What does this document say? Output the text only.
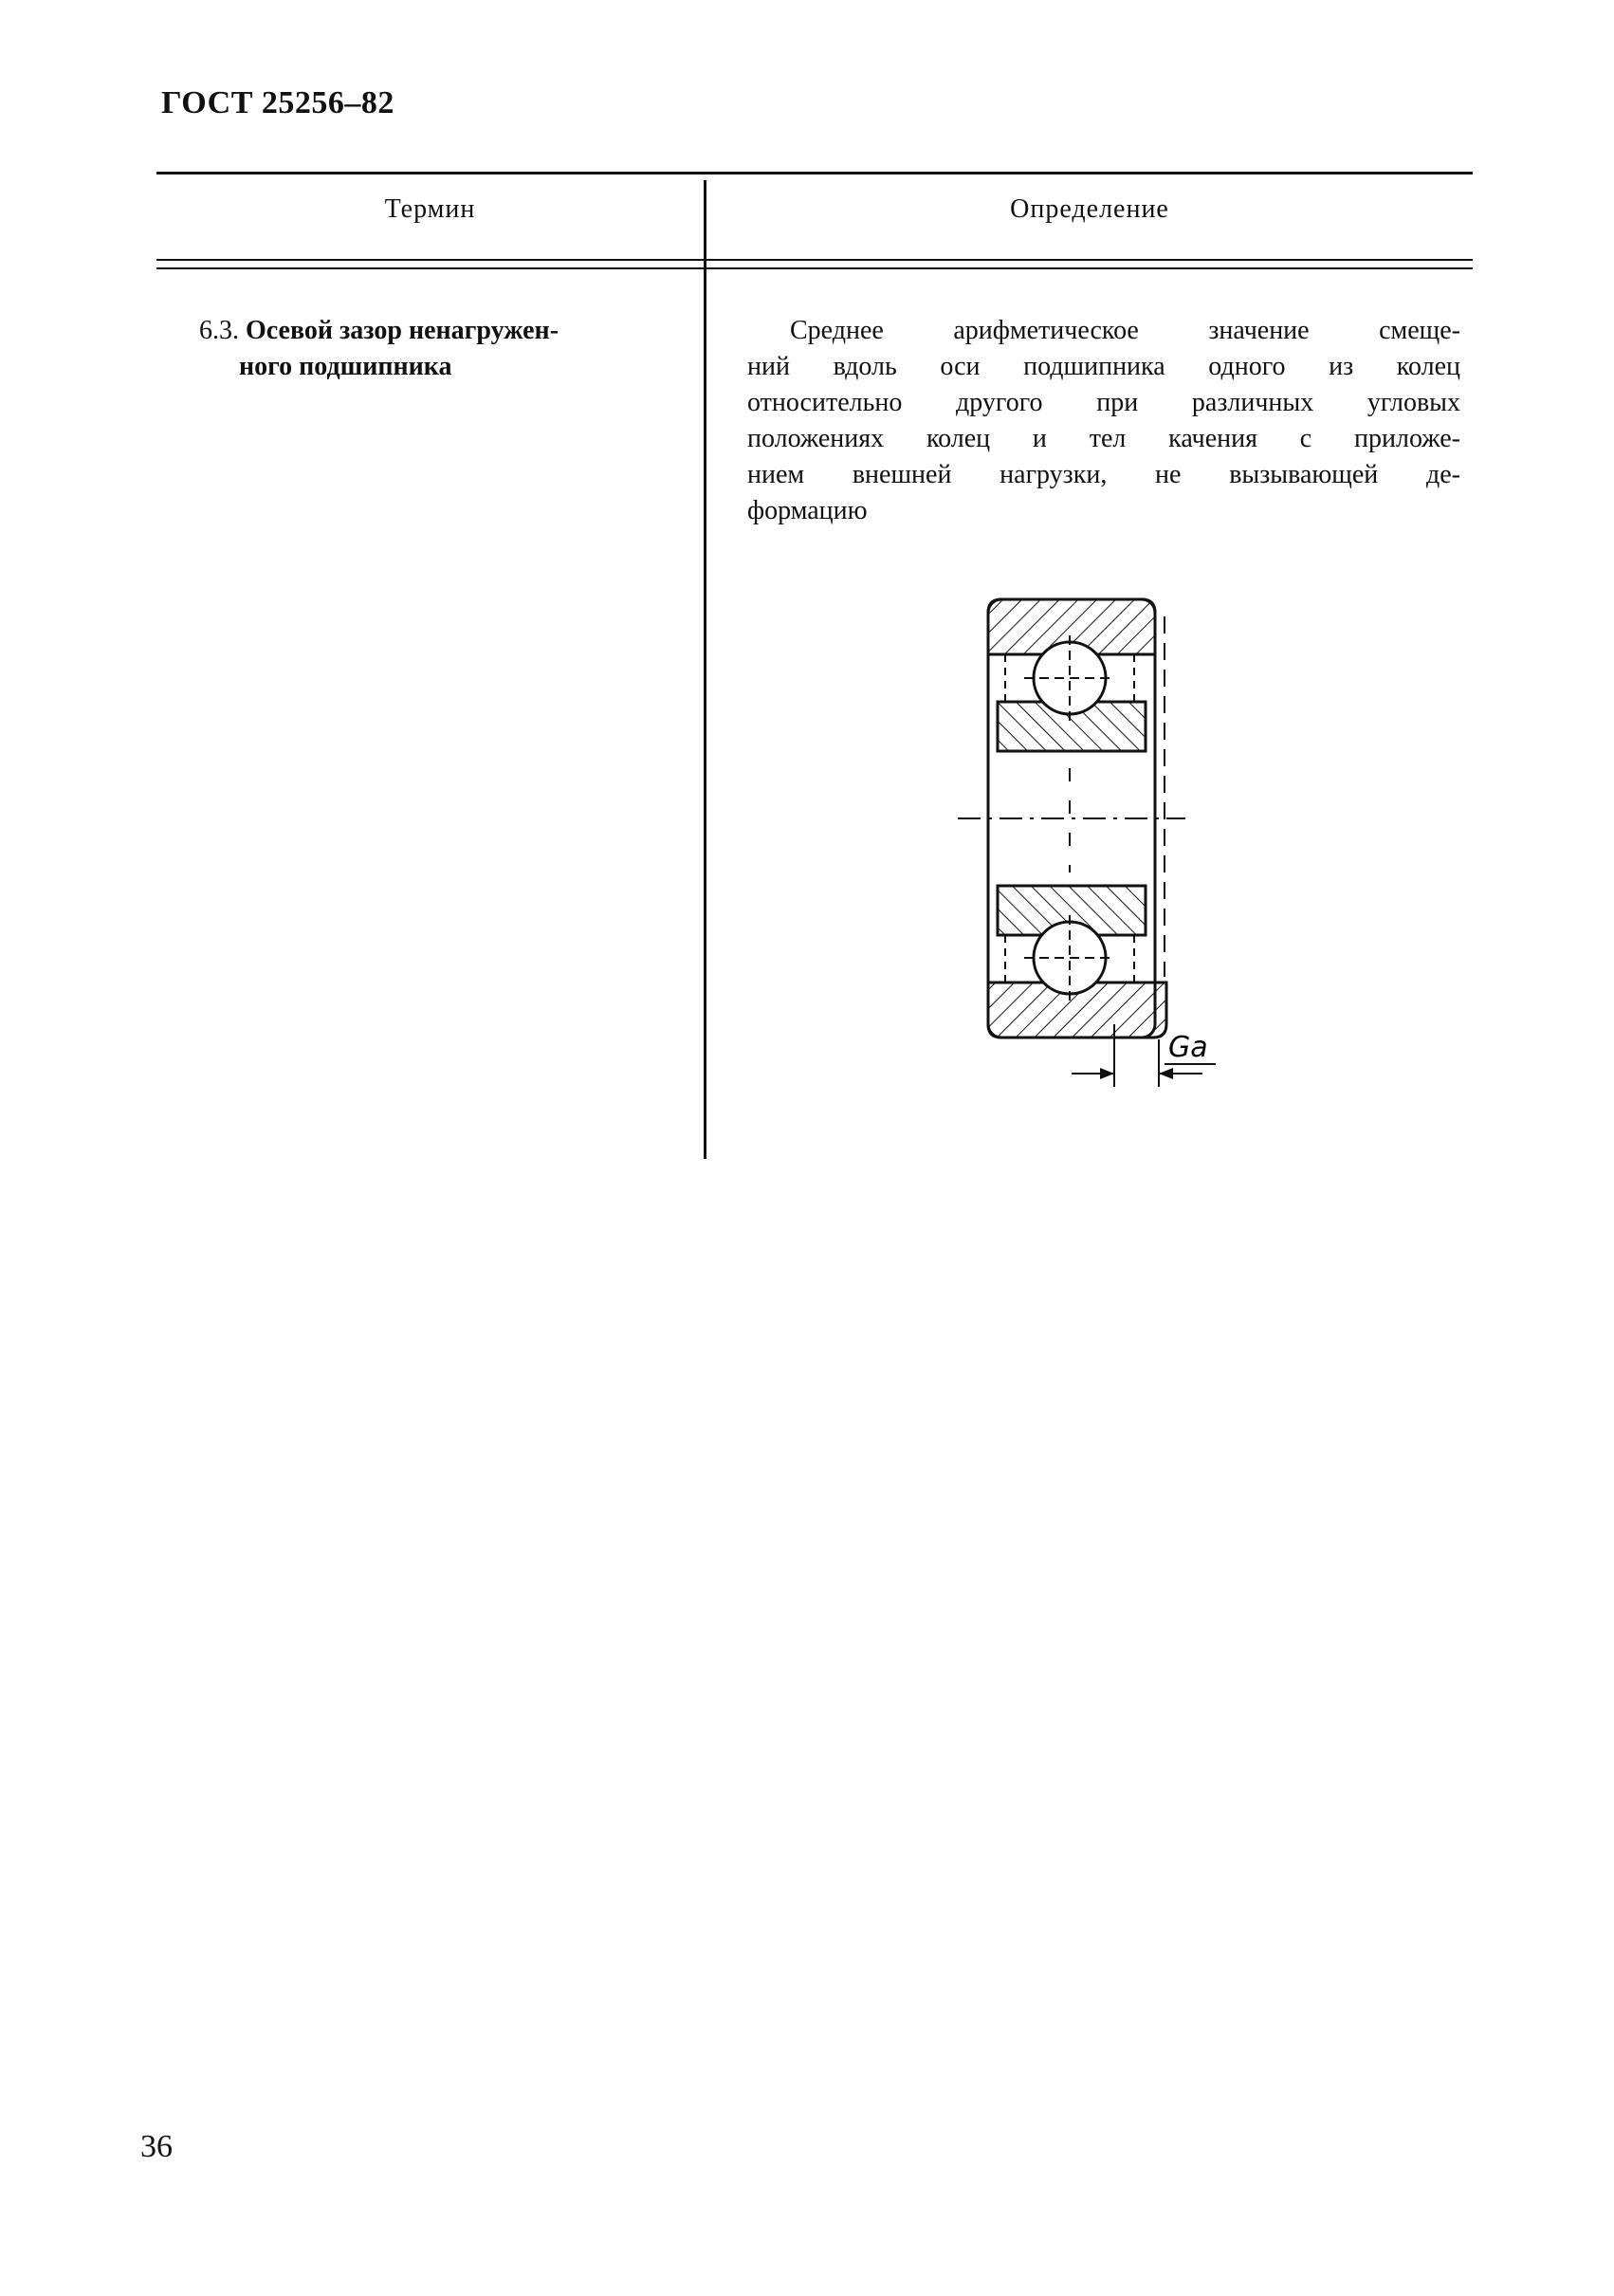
ГОСТ 25256–82
Термин	Определение
6.3. Осевой зазор ненагружен-
ного подшипника
Среднее арифметическое значение смеще-
ний вдоль оси подшипника одного из колец
относительно другого при различных угловых
положениях колец и тел качения с приложе-
нием внешней нагрузки, не вызывающей де-
формацию
Ga
36
